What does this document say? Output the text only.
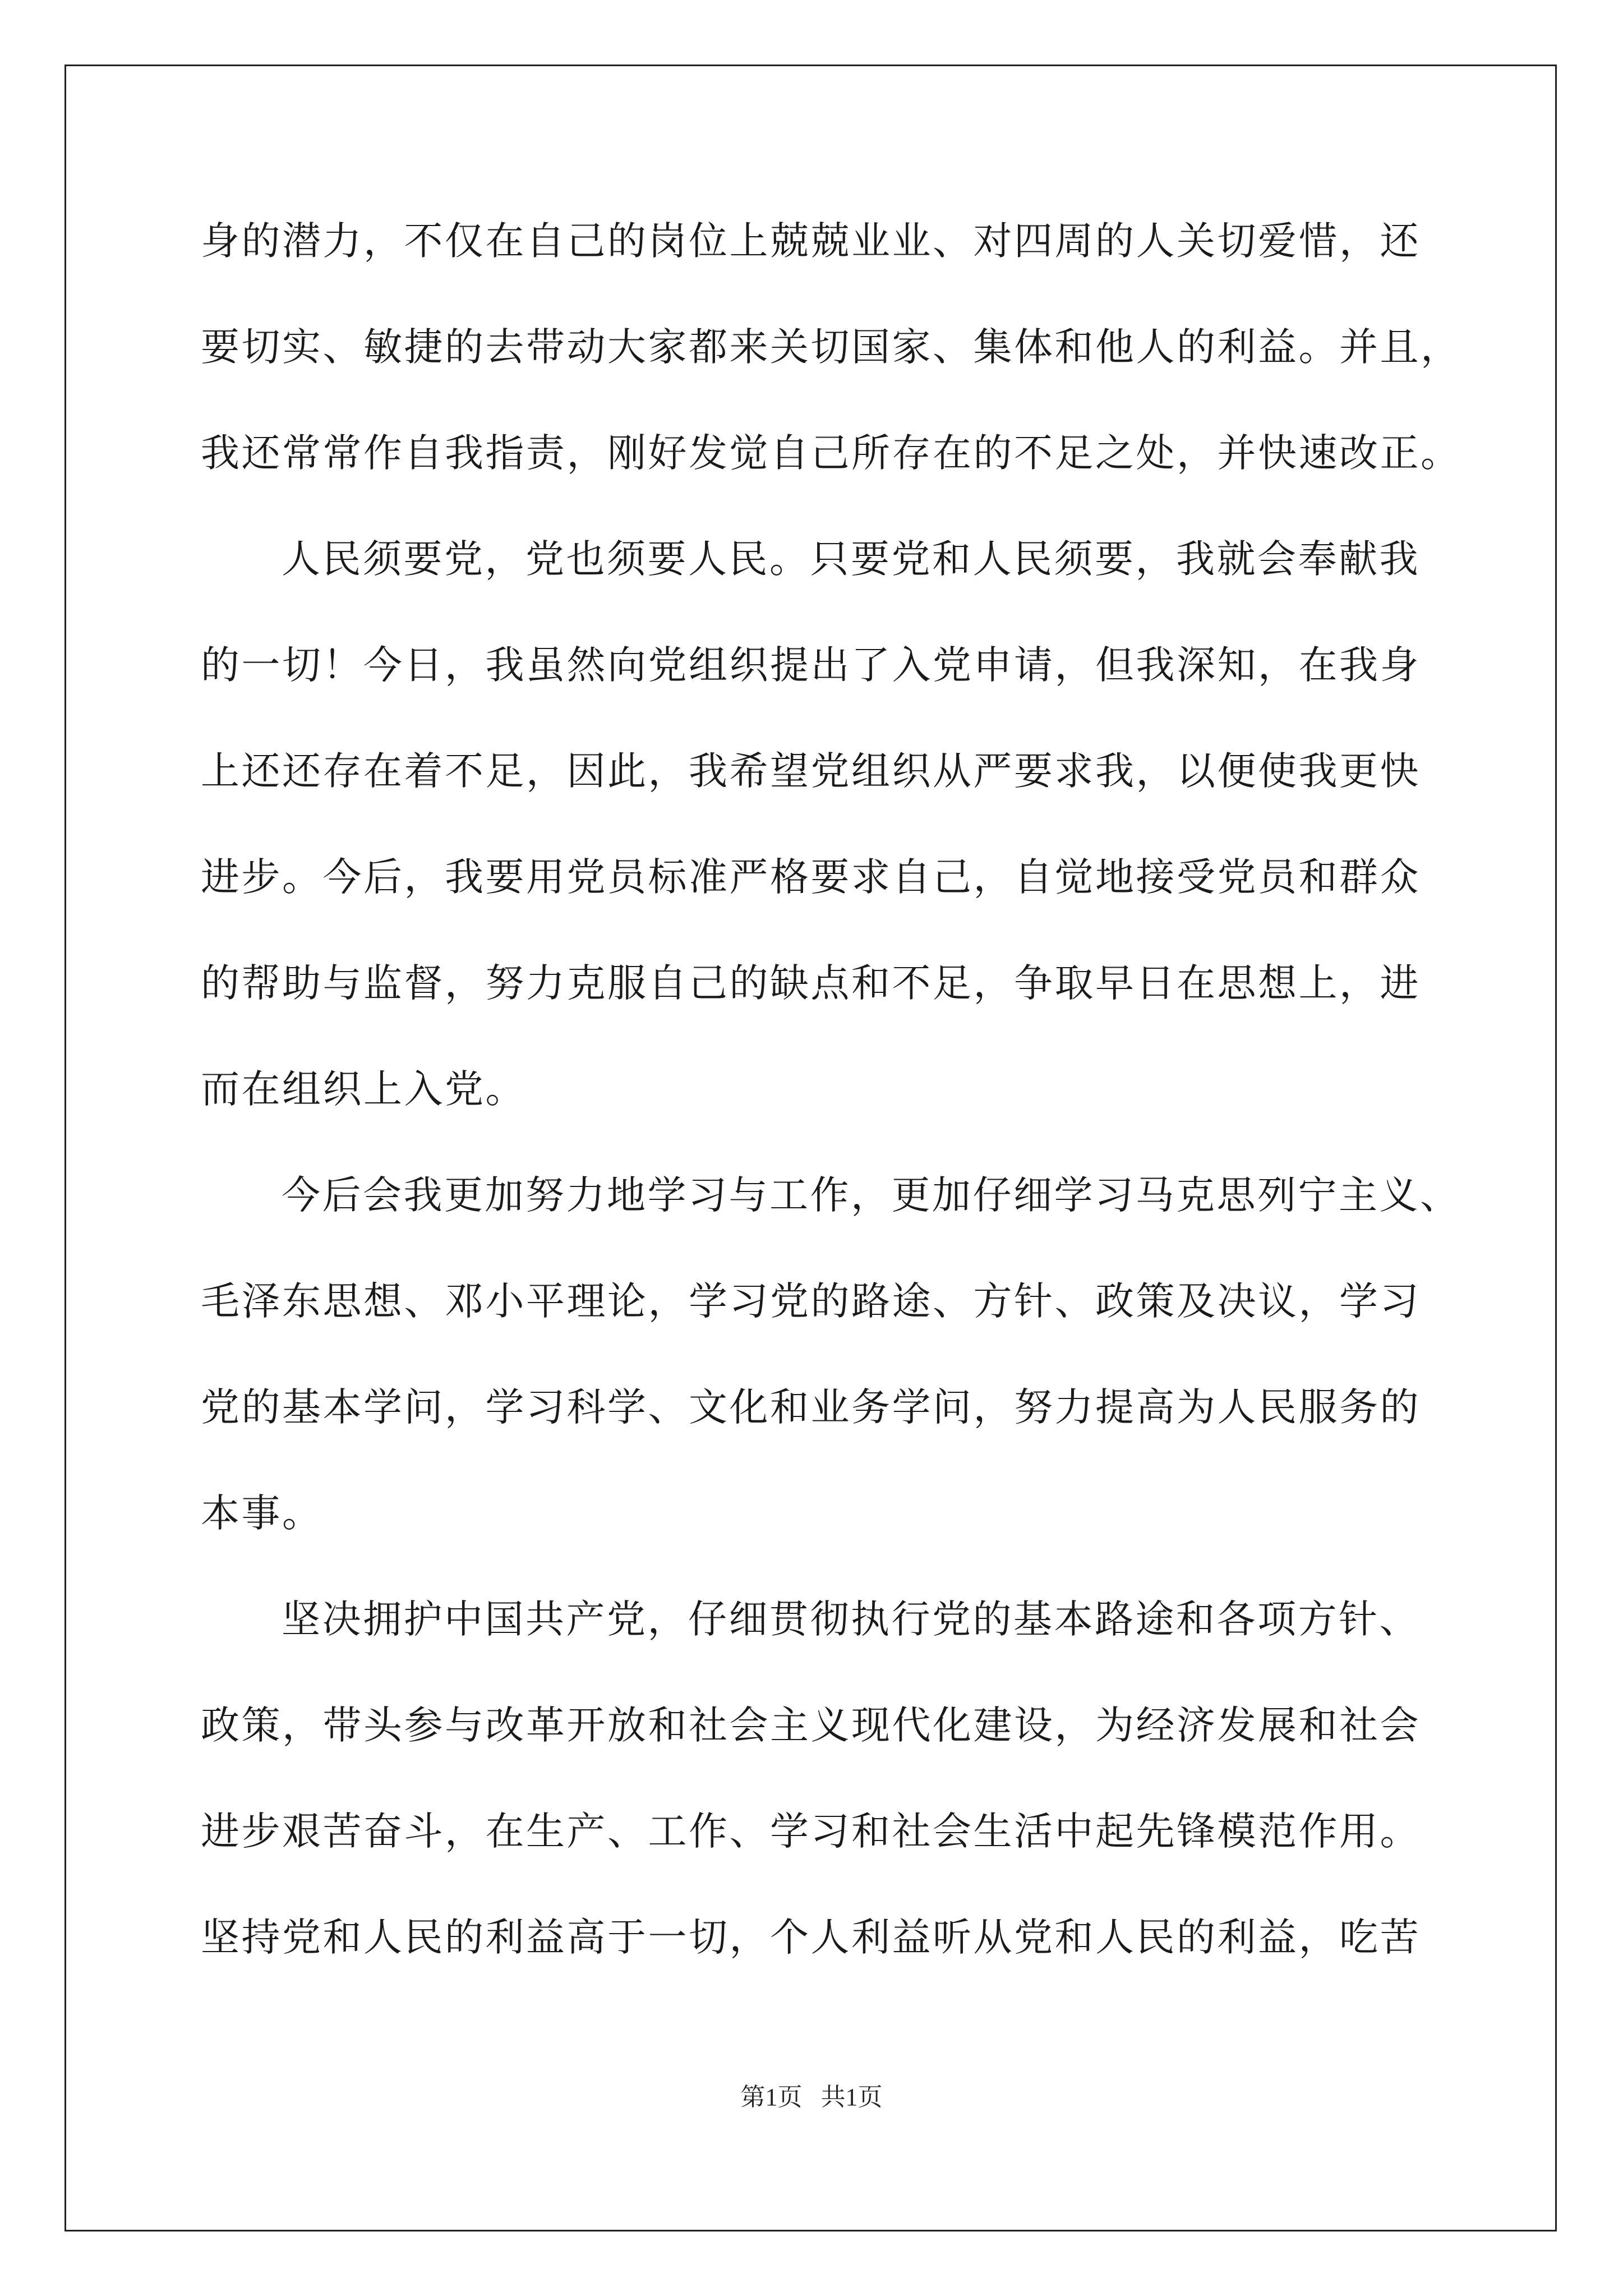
身的潜力，不仅在自己的岗位上兢兢业业、对四周的人关切爱惜，还
要切实、敏捷的去带动大家都来关切国家、集体和他人的利益。并且，
我还常常作自我指责，刚好发觉自己所存在的不足之处，并快速改正。
人民须要党，党也须要人民。只要党和人民须要，我就会奉献我
的一切！今日，我虽然向党组织提出了入党申请，但我深知，在我身
上还还存在着不足，因此，我希望党组织从严要求我，以便使我更快
进步。今后，我要用党员标准严格要求自己，自觉地接受党员和群众
的帮助与监督，努力克服自己的缺点和不足，争取早日在思想上，进
而在组织上入党。
今后会我更加努力地学习与工作，更加仔细学习马克思列宁主义、
毛泽东思想、邓小平理论，学习党的路途、方针、政策及决议，学习
党的基本学问，学习科学、文化和业务学问，努力提高为人民服务的
本事。
坚决拥护中国共产党，仔细贯彻执行党的基本路途和各项方针、
政策，带头参与改革开放和社会主义现代化建设，为经济发展和社会
进步艰苦奋斗，在生产、工作、学习和社会生活中起先锋模范作用。
坚持党和人民的利益高于一切，个人利益听从党和人民的利益，吃苦
第1页   共1页
